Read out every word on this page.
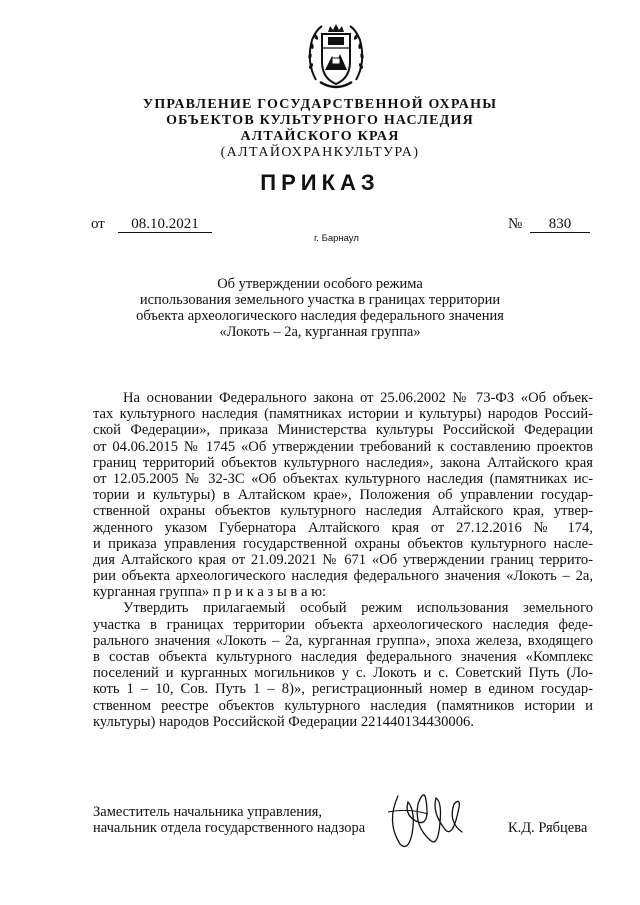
УПРАВЛЕНИЕ ГОСУДАРСТВЕННОЙ ОХРАНЫ
ОБЪЕКТОВ КУЛЬТУРНОГО НАСЛЕДИЯ
АЛТАЙСКОГО КРАЯ
(АЛТАЙОХРАНКУЛЬТУРА)
ПРИКАЗ
от	08.10.2021
г. Барнаул
№	830
Об утверждении особого режима
использования земельного участка в границах территории
объекта археологического наследия федерального значения
«Локоть – 2а, курганная группа»
На основании Федерального закона от 25.06.2002 № 73-ФЗ «Об объек-
тах культурного наследия (памятниках истории и культуры) народов Россий-
ской Федерации», приказа Министерства культуры Российской Федерации
от 04.06.2015 № 1745 «Об утверждении требований к составлению проектов
границ территорий объектов культурного наследия», закона Алтайского края
от 12.05.2005 № 32-ЗС «Об объектах культурного наследия (памятниках ис-
тории и культуры) в Алтайском крае», Положения об управлении государ-
ственной охраны объектов культурного наследия Алтайского края, утвер-
жденного указом Губернатора Алтайского края от 27.12.2016 № 174,
и приказа управления государственной охраны объектов культурного насле-
дия Алтайского края от 21.09.2021 № 671 «Об утверждении границ террито-
рии объекта археологического наследия федерального значения «Локоть – 2а,
курганная группа» п р и к а з ы в а ю:
Утвердить прилагаемый особый режим использования земельного
участка в границах территории объекта археологического наследия феде-
рального значения «Локоть – 2а, курганная группа», эпоха железа, входящего
в состав объекта культурного наследия федерального значения «Комплекс
поселений и курганных могильников у с. Локоть и с. Советский Путь (Ло-
коть 1 – 10, Сов. Путь 1 – 8)», регистрационный номер в едином государ-
ственном реестре объектов культурного наследия (памятников истории и
культуры) народов Российской Федерации 221440134430006.
Заместитель начальника управления,
начальник отдела государственного надзора	К.Д. Рябцева
